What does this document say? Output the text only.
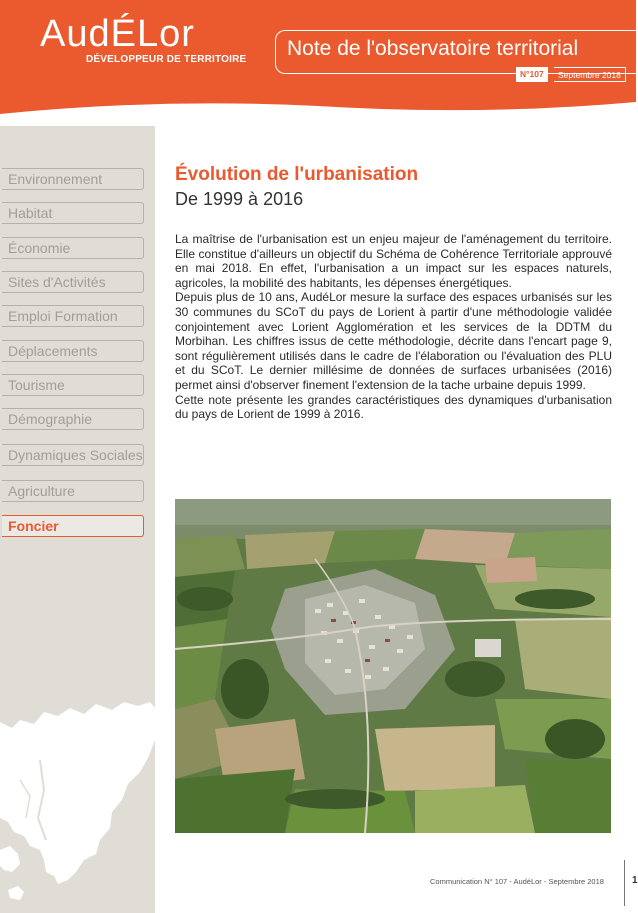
AudÉLor
DÉVELOPPEUR DE TERRITOIRE Note de l'observatoire territorial
N°107	Septembre 2018
Environnement
Habitat
Économie
Sites d'Activités
Emploi Formation
Déplacements
Tourisme
Démographie
Dynamiques Sociales
Agriculture
Foncier
Évolution de l'urbanisation
De 1999 à 2016

La maîtrise de l'urbanisation est un enjeu majeur de l'aménagement du territoire. Elle constitue d'ailleurs un objectif du Schéma de Cohérence Territoriale approuvé en mai 2018. En effet, l'urbanisation a un impact sur les espaces naturels, agricoles, la mobilité des habitants, les dépenses énergétiques.

Depuis plus de 10 ans, AudéLor mesure la surface des espaces urbanisés sur les 30 communes du SCoT du pays de Lorient à partir d'une méthodologie validée conjointement avec Lorient Agglomération et les services de la DDTM du Morbihan. Les chiffres issus de cette méthodologie, décrite dans l'encart page 9, sont régulièrement utilisés dans le cadre de l'élaboration ou l'évaluation des PLU et du SCoT. Le dernier millésime de données de surfaces urbanisées (2016) permet ainsi d'observer finement l'extension de la tache urbaine depuis 1999.

Cette note présente les grandes caractéristiques des dynamiques d'urbanisation du pays de Lorient de 1999 à 2016.

Communication N° 107 - AudéLor - Septembre 2018	1
